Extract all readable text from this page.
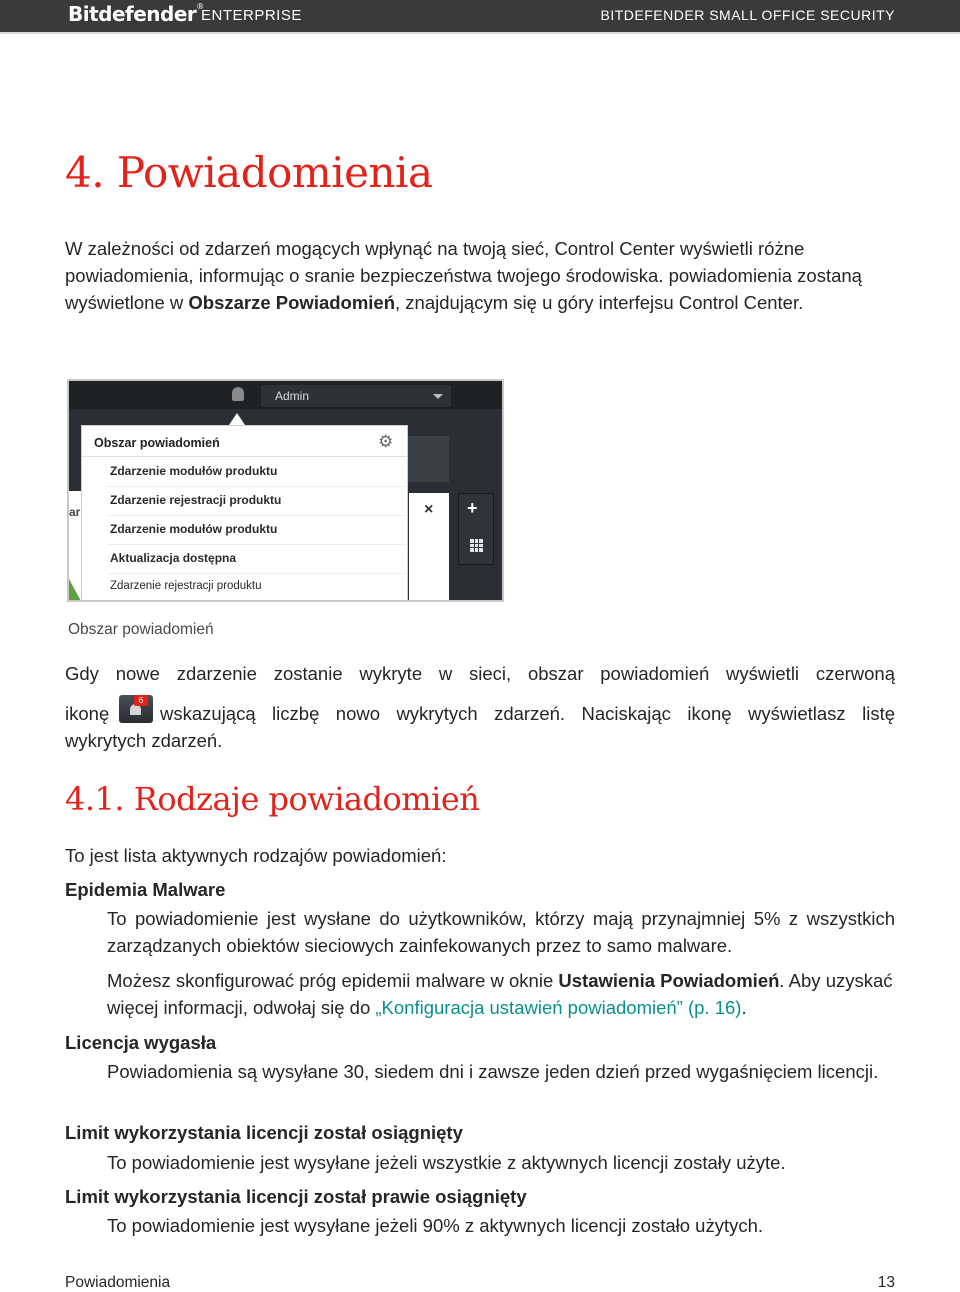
Bitdefender®
ENTERPRISE	BITDEFENDER SMALL OFFICE SECURITY
4. Powiadomienia

W zależności od zdarzeń mogących wpłynąć na twoją sieć, Control Center wyświetli różne powiadomienia, informując o sranie bezpieczeństwa twojego środowiska. powiadomienia zostaną wyświetlone w Obszarze Powiadomień, znajdującym się u góry interfejsu Control Center.

Admin
ar	× +
Obszar powiadomień	⚙
Zdarzenie modułów produktu
Zdarzenie rejestracji produktu
Zdarzenie modułów produktu
Aktualizacja dostępna
Zdarzenie rejestracji produktu
Obszar powiadomień
Gdy nowe zdarzenie zostanie wykryte w sieci, obszar powiadomień wyświetli czerwoną
ikonę
6
wskazującą liczbę nowo wykrytych zdarzeń. Naciskając ikonę wyświetlasz listę
wykrytych zdarzeń.
4.1. Rodzaje powiadomień

To jest lista aktywnych rodzajów powiadomień:

Epidemia Malware

To powiadomienie jest wysłane do użytkowników, którzy mają przynajmniej 5% z wszystkich zarządzanych obiektów sieciowych zainfekowanych przez to samo malware.

Możesz skonfigurować próg epidemii malware w oknie Ustawienia Powiadomień. Aby uzyskać więcej informacji, odwołaj się do „Konfiguracja ustawień powiadomień” (p. 16).

Licencja wygasła

Powiadomienia są wysyłane 30, siedem dni i zawsze jeden dzień przed wygaśnięciem licencji.

Limit wykorzystania licencji został osiągnięty

To powiadomienie jest wysyłane jeżeli wszystkie z aktywnych licencji zostały użyte.

Limit wykorzystania licencji został prawie osiągnięty

To powiadomienie jest wysyłane jeżeli 90% z aktywnych licencji zostało użytych.

Powiadomienia	13
